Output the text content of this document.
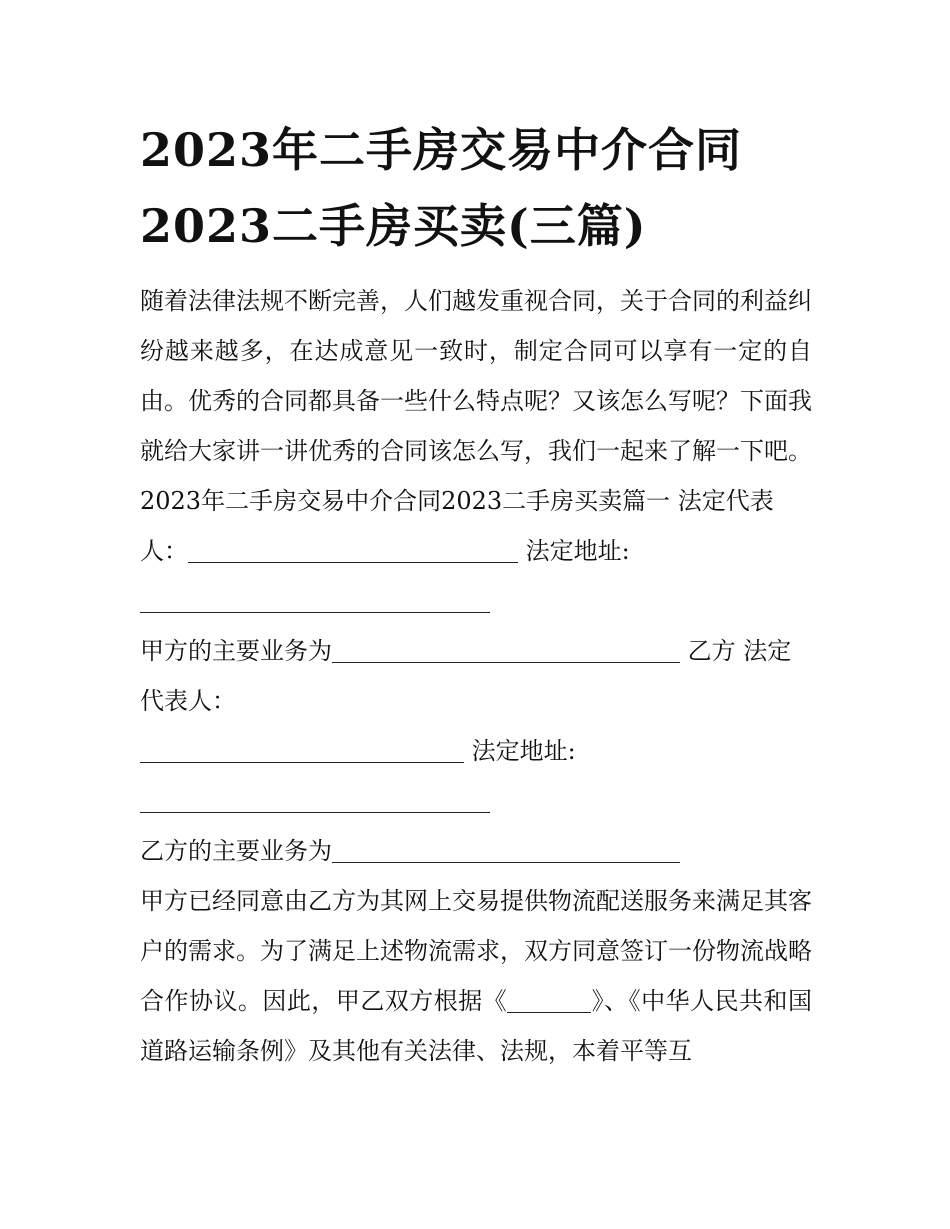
2023年二手房交易中介合同
2023二手房买卖(三篇)

随着法律法规不断完善，人们越发重视合同，关于合同的利益纠纷越来越多，在达成意见一致时，制定合同可以享有一定的自由。优秀的合同都具备一些什么特点呢？又该怎么写呢？下面我就给大家讲一讲优秀的合同该怎么写，我们一起来了解一下吧。

2023年二手房交易中介合同2023二手房买卖篇一 法定代表
人：	法定地址:
甲方的主要业务为	乙方 法定
代表人：
法定地址:
乙方的主要业务为

甲方已经同意由乙方为其网上交易提供物流配送服务来满足其客户的需求。为了满足上述物流需求，双方同意签订一份物流战略合作协议。因此，甲乙双方根据《	》、《中华人民共和国道路运输条例》及其他有关法律、法规，本着平等互
